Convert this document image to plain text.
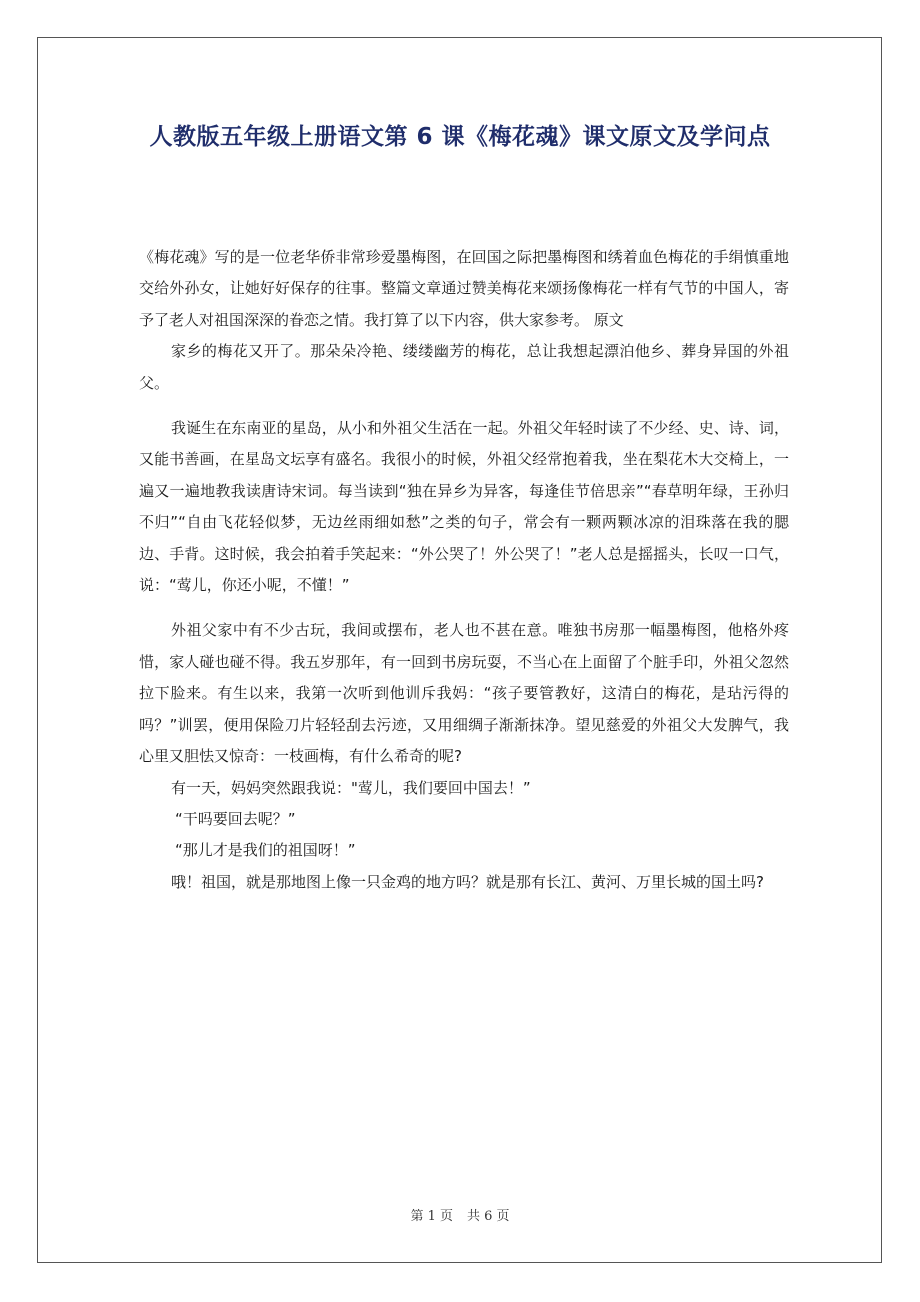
人教版五年级上册语文第 6 课《梅花魂》课文原文及学问点

《梅花魂》写的是一位老华侨非常珍爱墨梅图，在回国之际把墨梅图和绣着血色梅花的手绢慎重地交给外孙女，让她好好保存的往事。整篇文章通过赞美梅花来颂扬像梅花一样有气节的中国人，寄予了老人对祖国深深的眷恋之情。我打算了以下内容，供大家参考。 原文

家乡的梅花又开了。那朵朵冷艳、缕缕幽芳的梅花，总让我想起漂泊他乡、葬身异国的外祖父。

我诞生在东南亚的星岛，从小和外祖父生活在一起。外祖父年轻时读了不少经、史、诗、词，又能书善画，在星岛文坛享有盛名。我很小的时候，外祖父经常抱着我，坐在梨花木大交椅上，一遍又一遍地教我读唐诗宋词。每当读到“独在异乡为异客，每逢佳节倍思亲”“春草明年绿，王孙归不归”“自由飞花轻似梦，无边丝雨细如愁”之类的句子，常会有一颗两颗冰凉的泪珠落在我的腮边、手背。这时候，我会拍着手笑起来：“外公哭了！外公哭了！”老人总是摇摇头，长叹一口气，说：“莺儿，你还小呢，不懂！”

外祖父家中有不少古玩，我间或摆布，老人也不甚在意。唯独书房那一幅墨梅图，他格外疼惜，家人碰也碰不得。我五岁那年，有一回到书房玩耍，不当心在上面留了个脏手印，外祖父忽然拉下脸来。有生以来，我第一次听到他训斥我妈：“孩子要管教好，这清白的梅花，是玷污得的吗？”训罢，便用保险刀片轻轻刮去污迹，又用细绸子渐渐抹净。望见慈爱的外祖父大发脾气，我心里又胆怯又惊奇：一枝画梅，有什么希奇的呢?

有一天，妈妈突然跟我说："莺儿，我们要回中国去！”

“干吗要回去呢？”

“那儿才是我们的祖国呀！”

哦！祖国，就是那地图上像一只金鸡的地方吗？就是那有长江、黄河、万里长城的国土吗?

第 1 页 共 6 页
